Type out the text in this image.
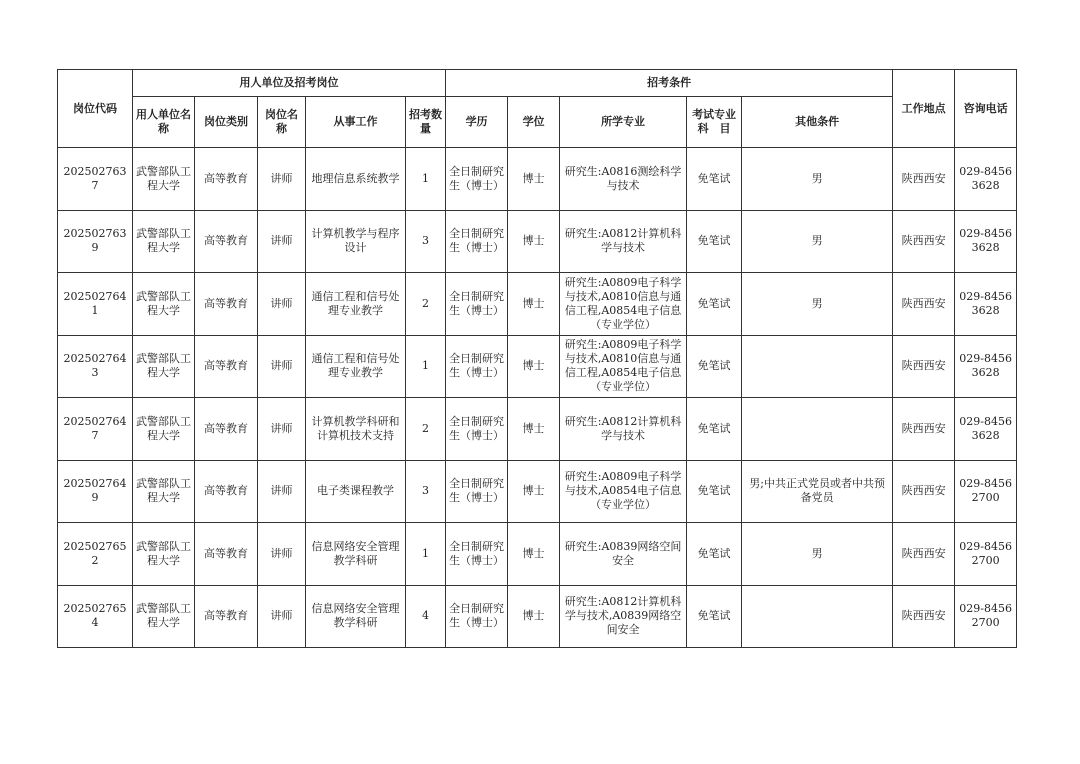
岗位代码	用人单位及招考岗位					招考条件					工作地点	咨询电话
	用人单位名　称	岗位类别	岗位名称	从事工作	招考数量	学历	学位	所学专业	考试专业科　目	其他条件		
2025027637	武警部队工程大学	高等教育	讲师	地理信息系统教学	1	全日制研究生（博士）	博士	研究生:A0816测绘科学与技术	免笔试	男	陕西西安	029-84563628
2025027639	武警部队工程大学	高等教育	讲师	计算机教学与程序设计	3	全日制研究生（博士）	博士	研究生:A0812计算机科学与技术	免笔试	男	陕西西安	029-84563628
2025027641	武警部队工程大学	高等教育	讲师	通信工程和信号处理专业教学	2	全日制研究生（博士）	博士	研究生:A0809电子科学与技术,A0810信息与通信工程,A0854电子信息（专业学位）	免笔试	男	陕西西安	029-84563628
2025027643	武警部队工程大学	高等教育	讲师	通信工程和信号处理专业教学	1	全日制研究生（博士）	博士	研究生:A0809电子科学与技术,A0810信息与通信工程,A0854电子信息（专业学位）	免笔试		陕西西安	029-84563628
2025027647	武警部队工程大学	高等教育	讲师	计算机教学科研和计算机技术支持	2	全日制研究生（博士）	博士	研究生:A0812计算机科学与技术	免笔试		陕西西安	029-84563628
2025027649	武警部队工程大学	高等教育	讲师	电子类课程教学	3	全日制研究生（博士）	博士	研究生:A0809电子科学与技术,A0854电子信息（专业学位）	免笔试	男;中共正式党员或者中共预备党员	陕西西安	029-84562700
2025027652	武警部队工程大学	高等教育	讲师	信息网络安全管理教学科研	1	全日制研究生（博士）	博士	研究生:A0839网络空间安全	免笔试	男	陕西西安	029-84562700
2025027654	武警部队工程大学	高等教育	讲师	信息网络安全管理教学科研	4	全日制研究生（博士）	博士	研究生:A0812计算机科学与技术,A0839网络空间安全	免笔试		陕西西安	029-84562700
